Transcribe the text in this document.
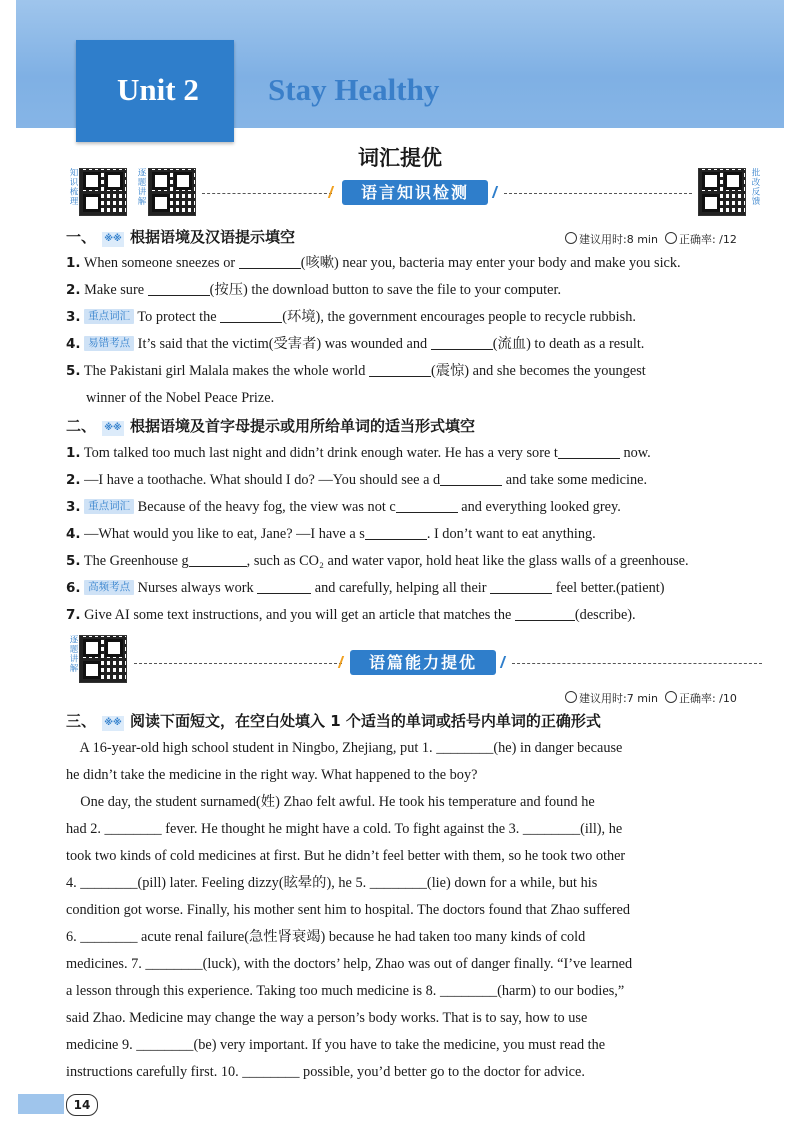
Unit 2 Stay Healthy
词汇提优
知识梳理	逐题讲解	批改反馈
语言知识检测
一、 ※※ 根据语境及汉语提示填空	建议用时:8 min 正确率: /12
1. When someone sneezes or	(咳嗽) near you, bacteria may enter your body and make you sick.
2. Make sure	(按压) the download button to save the file to your computer.
3. 重点词汇 To protect the	(环境), the government encourages people to recycle rubbish.
4. 易错考点 It’s said that the victim(受害者) was wounded and	(流血) to death as a result.
5. The Pakistani girl Malala makes the whole world	(震惊) and she becomes the youngest
winner of the Nobel Peace Prize.
二、 ※※ 根据语境及首字母提示或用所给单词的适当形式填空
1. Tom talked too much last night and didn’t drink enough water. He has a very sore t	now.
2. —I have a toothache. What should I do? —You should see a d	and take some medicine.
3. 重点词汇 Because of the heavy fog, the view was not c	and everything looked grey.
4. —What would you like to eat, Jane? —I have a s	. I don’t want to eat anything.
5. The Greenhouse g	, such as CO₂ and water vapor, hold heat like the glass walls of a greenhouse.
6. 高频考点 Nurses always work	and carefully, helping all their	feel better.(patient)
7. Give AI some text instructions, and you will get an article that matches the	(describe).
逐题讲解	语篇能力提优
建议用时:7 min 正确率: /10
三、 ※※ 阅读下面短文，在空白处填入 1 个适当的单词或括号内单词的正确形式
A 16-year-old high school student in Ningbo, Zhejiang, put 1. ________(he) in danger because
he didn’t take the medicine in the right way. What happened to the boy?
One day, the student surnamed(姓) Zhao felt awful. He took his temperature and found he
had 2. ________ fever. He thought he might have a cold. To fight against the 3. ________(ill), he
took two kinds of cold medicines at first. But he didn’t feel better with them, so he took two other
4. ________(pill) later. Feeling dizzy(眩晕的), he 5. ________(lie) down for a while, but his
condition got worse. Finally, his mother sent him to hospital. The doctors found that Zhao suffered
6. ________ acute renal failure(急性肾衰竭) because he had taken too many kinds of cold
medicines. 7. ________(luck), with the doctors’ help, Zhao was out of danger finally. “I’ve learned
a lesson through this experience. Taking too much medicine is 8. ________(harm) to our bodies,”
said Zhao. Medicine may change the way a person’s body works. That is to say, how to use
medicine 9. ________(be) very important. If you have to take the medicine, you must read the
instructions carefully first. 10. ________ possible, you’d better go to the doctor for advice.
14
